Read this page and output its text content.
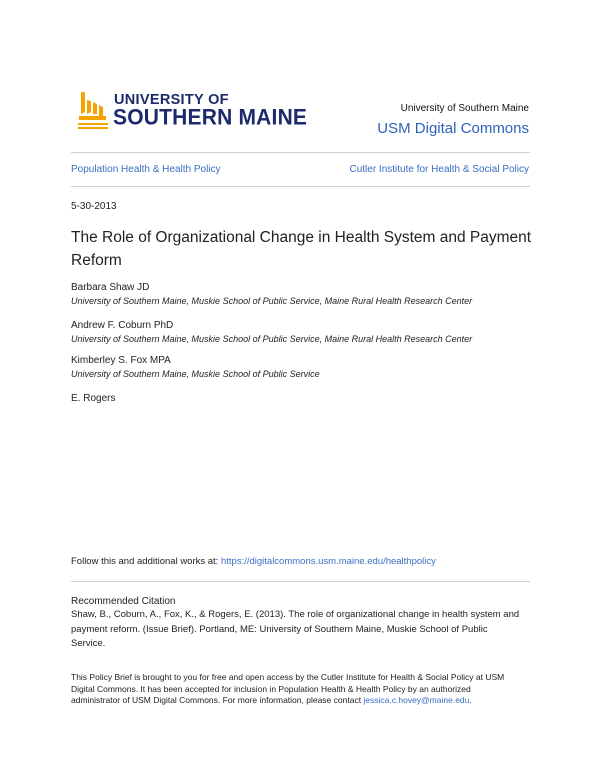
UNIVERSITY OF
SOUTHERN MAINE	University of Southern Maine
USM Digital Commons
Population Health & Health Policy	Cutler Institute for Health & Social Policy
5-30-2013
The Role of Organizational Change in Health System and Payment
Reform
Barbara Shaw JD
University of Southern Maine, Muskie School of Public Service, Maine Rural Health Research Center
Andrew F. Coburn PhD
University of Southern Maine, Muskie School of Public Service, Maine Rural Health Research Center
Kimberley S. Fox MPA
University of Southern Maine, Muskie School of Public Service
E. Rogers
Follow this and additional works at: https://digitalcommons.usm.maine.edu/healthpolicy
Recommended Citation
Shaw, B., Coburn, A., Fox, K., & Rogers, E. (2013). The role of organizational change in health system and
payment reform. (Issue Brief). Portland, ME: University of Southern Maine, Muskie School of Public
Service.
This Policy Brief is brought to you for free and open access by the Cutler Institute for Health & Social Policy at USM
Digital Commons. It has been accepted for inclusion in Population Health & Health Policy by an authorized
administrator of USM Digital Commons. For more information, please contact jessica.c.hovey@maine.edu.
